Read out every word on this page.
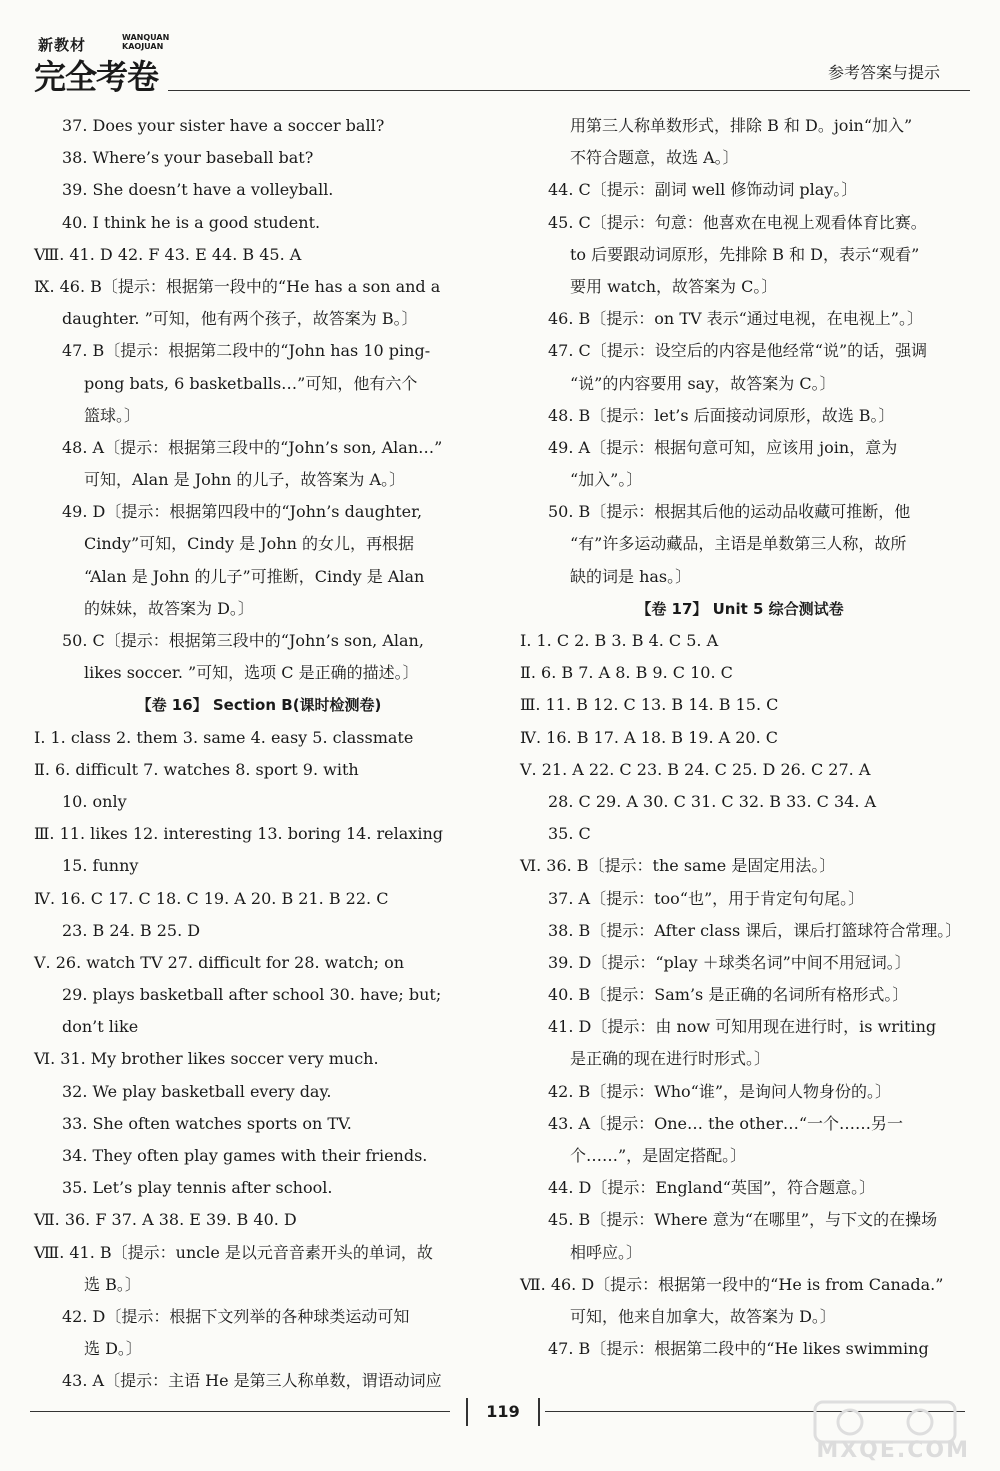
新教材	WANQUAN
KAOJUAN
完全考卷	参考答案与提示
37. Does your sister have a soccer ball?
38. Where’s your baseball bat?
39. She doesn’t have a volleyball.
40. I think he is a good student.
Ⅷ. 41. D 42. F 43. E 44. B 45. A
Ⅸ. 46. B〔提示：根据第一段中的“He has a son and a
daughter. ”可知，他有两个孩子，故答案为 B。〕
47. B〔提示：根据第二段中的“John has 10 ping-
pong bats, 6 basketballs…”可知，他有六个
篮球。〕
48. A〔提示：根据第三段中的“John’s son, Alan…”
可知，Alan 是 John 的儿子，故答案为 A。〕
49. D〔提示：根据第四段中的“John’s daughter,
Cindy”可知，Cindy 是 John 的女儿，再根据
“Alan 是 John 的儿子”可推断，Cindy 是 Alan
的妹妹，故答案为 D。〕
50. C〔提示：根据第三段中的“John’s son, Alan,
likes soccer. ”可知，选项 C 是正确的描述。〕
【卷 16】 Section B(课时检测卷)
Ⅰ. 1. class 2. them 3. same 4. easy 5. classmate
Ⅱ. 6. difficult 7. watches 8. sport 9. with
10. only
Ⅲ. 11. likes 12. interesting 13. boring 14. relaxing
15. funny
Ⅳ. 16. C 17. C 18. C 19. A 20. B 21. B 22. C
23. B 24. B 25. D
Ⅴ. 26. watch TV 27. difficult for 28. watch; on
29. plays basketball after school 30. have; but;
don’t like
Ⅵ. 31. My brother likes soccer very much.
32. We play basketball every day.
33. She often watches sports on TV.
34. They often play games with their friends.
35. Let’s play tennis after school.
Ⅶ. 36. F 37. A 38. E 39. B 40. D
Ⅷ. 41. B〔提示：uncle 是以元音音素开头的单词，故
选 B。〕
42. D〔提示：根据下文列举的各种球类运动可知
选 D。〕
43. A〔提示：主语 He 是第三人称单数，谓语动词应
用第三人称单数形式，排除 B 和 D。join“加入”
不符合题意，故选 A。〕
44. C〔提示：副词 well 修饰动词 play。〕
45. C〔提示：句意：他喜欢在电视上观看体育比赛。
to 后要跟动词原形，先排除 B 和 D，表示“观看”
要用 watch，故答案为 C。〕
46. B〔提示：on TV 表示“通过电视，在电视上”。〕
47. C〔提示：设空后的内容是他经常“说”的话，强调
“说”的内容要用 say，故答案为 C。〕
48. B〔提示：let’s 后面接动词原形，故选 B。〕
49. A〔提示：根据句意可知，应该用 join，意为
“加入”。〕
50. B〔提示：根据其后他的运动品收藏可推断，他
“有”许多运动藏品，主语是单数第三人称，故所
缺的词是 has。〕
【卷 17】 Unit 5 综合测试卷
Ⅰ. 1. C 2. B 3. B 4. C 5. A
Ⅱ. 6. B 7. A 8. B 9. C 10. C
Ⅲ. 11. B 12. C 13. B 14. B 15. C
Ⅳ. 16. B 17. A 18. B 19. A 20. C
Ⅴ. 21. A 22. C 23. B 24. C 25. D 26. C 27. A
28. C 29. A 30. C 31. C 32. B 33. C 34. A
35. C
Ⅵ. 36. B〔提示：the same 是固定用法。〕
37. A〔提示：too“也”，用于肯定句句尾。〕
38. B〔提示：After class 课后，课后打篮球符合常理。〕
39. D〔提示：“play ＋球类名词”中间不用冠词。〕
40. B〔提示：Sam’s 是正确的名词所有格形式。〕
41. D〔提示：由 now 可知用现在进行时，is writing
是正确的现在进行时形式。〕
42. B〔提示：Who“谁”，是询问人物身份的。〕
43. A〔提示：One… the other…“一个……另一
个……”，是固定搭配。〕
44. D〔提示：England“英国”，符合题意。〕
45. B〔提示：Where 意为“在哪里”，与下文的在操场
相呼应。〕
Ⅶ. 46. D〔提示：根据第一段中的“He is from Canada.”
可知，他来自加拿大，故答案为 D。〕
47. B〔提示：根据第二段中的“He likes swimming
119
MXQE.COM
